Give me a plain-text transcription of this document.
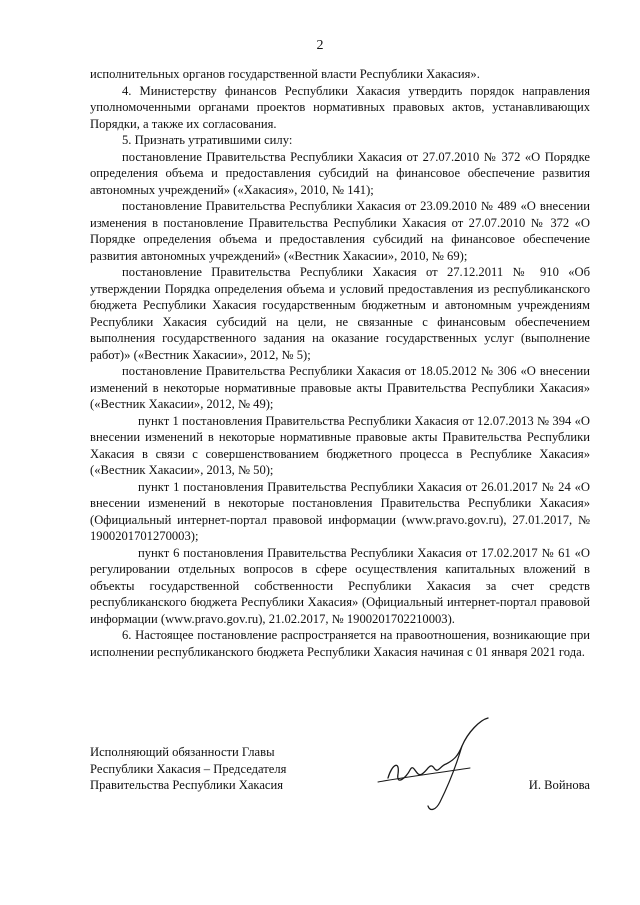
2

исполнительных органов государственной власти Республики Хакасия».

4. Министерству финансов Республики Хакасия утвердить порядок направления уполномоченными органами проектов нормативных правовых актов, устанавливающих Порядки, а также их согласования.

5. Признать утратившими силу:

постановление Правительства Республики Хакасия от 27.07.2010 № 372 «О Порядке определения объема и предоставления субсидий на финансовое обеспечение развития автономных учреждений» («Хакасия», 2010, № 141);

постановление Правительства Республики Хакасия от 23.09.2010 № 489 «О внесении изменения в постановление Правительства Республики Хакасия от 27.07.2010 № 372 «О Порядке определения объема и предоставления субсидий на финансовое обеспечение развития автономных учреждений» («Вестник Хакасии», 2010, № 69);

постановление Правительства Республики Хакасия от 27.12.2011 № 910 «Об утверждении Порядка определения объема и условий предоставления из республиканского бюджета Республики Хакасия государственным бюджетным и автономным учреждениям Республики Хакасия субсидий на цели, не связанные с финансовым обеспечением выполнения государственного задания на оказание государственных услуг (выполнение работ)» («Вестник Хакасии», 2012, № 5);

постановление Правительства Республики Хакасия от 18.05.2012 № 306 «О внесении изменений в некоторые нормативные правовые акты Правительства Республики Хакасия» («Вестник Хакасии», 2012, № 49);

пункт 1 постановления Правительства Республики Хакасия от 12.07.2013 № 394 «О внесении изменений в некоторые нормативные правовые акты Правительства Республики Хакасия в связи с совершенствованием бюджетного процесса в Республике Хакасия» («Вестник Хакасии», 2013, № 50);

пункт 1 постановления Правительства Республики Хакасия от 26.01.2017 № 24 «О внесении изменений в некоторые постановления Правительства Республики Хакасия» (Официальный интернет-портал правовой информации (www.pravo.gov.ru), 27.01.2017, № 1900201701270003);

пункт 6 постановления Правительства Республики Хакасия от 17.02.2017 № 61 «О регулировании отдельных вопросов в сфере осуществления капитальных вложений в объекты государственной собственности Республики Хакасия за счет средств республиканского бюджета Республики Хакасия» (Официальный интернет-портал правовой информации (www.pravo.gov.ru), 21.02.2017, № 1900201702210003).

6. Настоящее постановление распространяется на правоотношения, возникающие при исполнении республиканского бюджета Республики Хакасия начиная с 01 января 2021 года.

Исполняющий обязанности Главы
Республики Хакасия – Председателя
Правительства Республики Хакасия	И. Войнова
